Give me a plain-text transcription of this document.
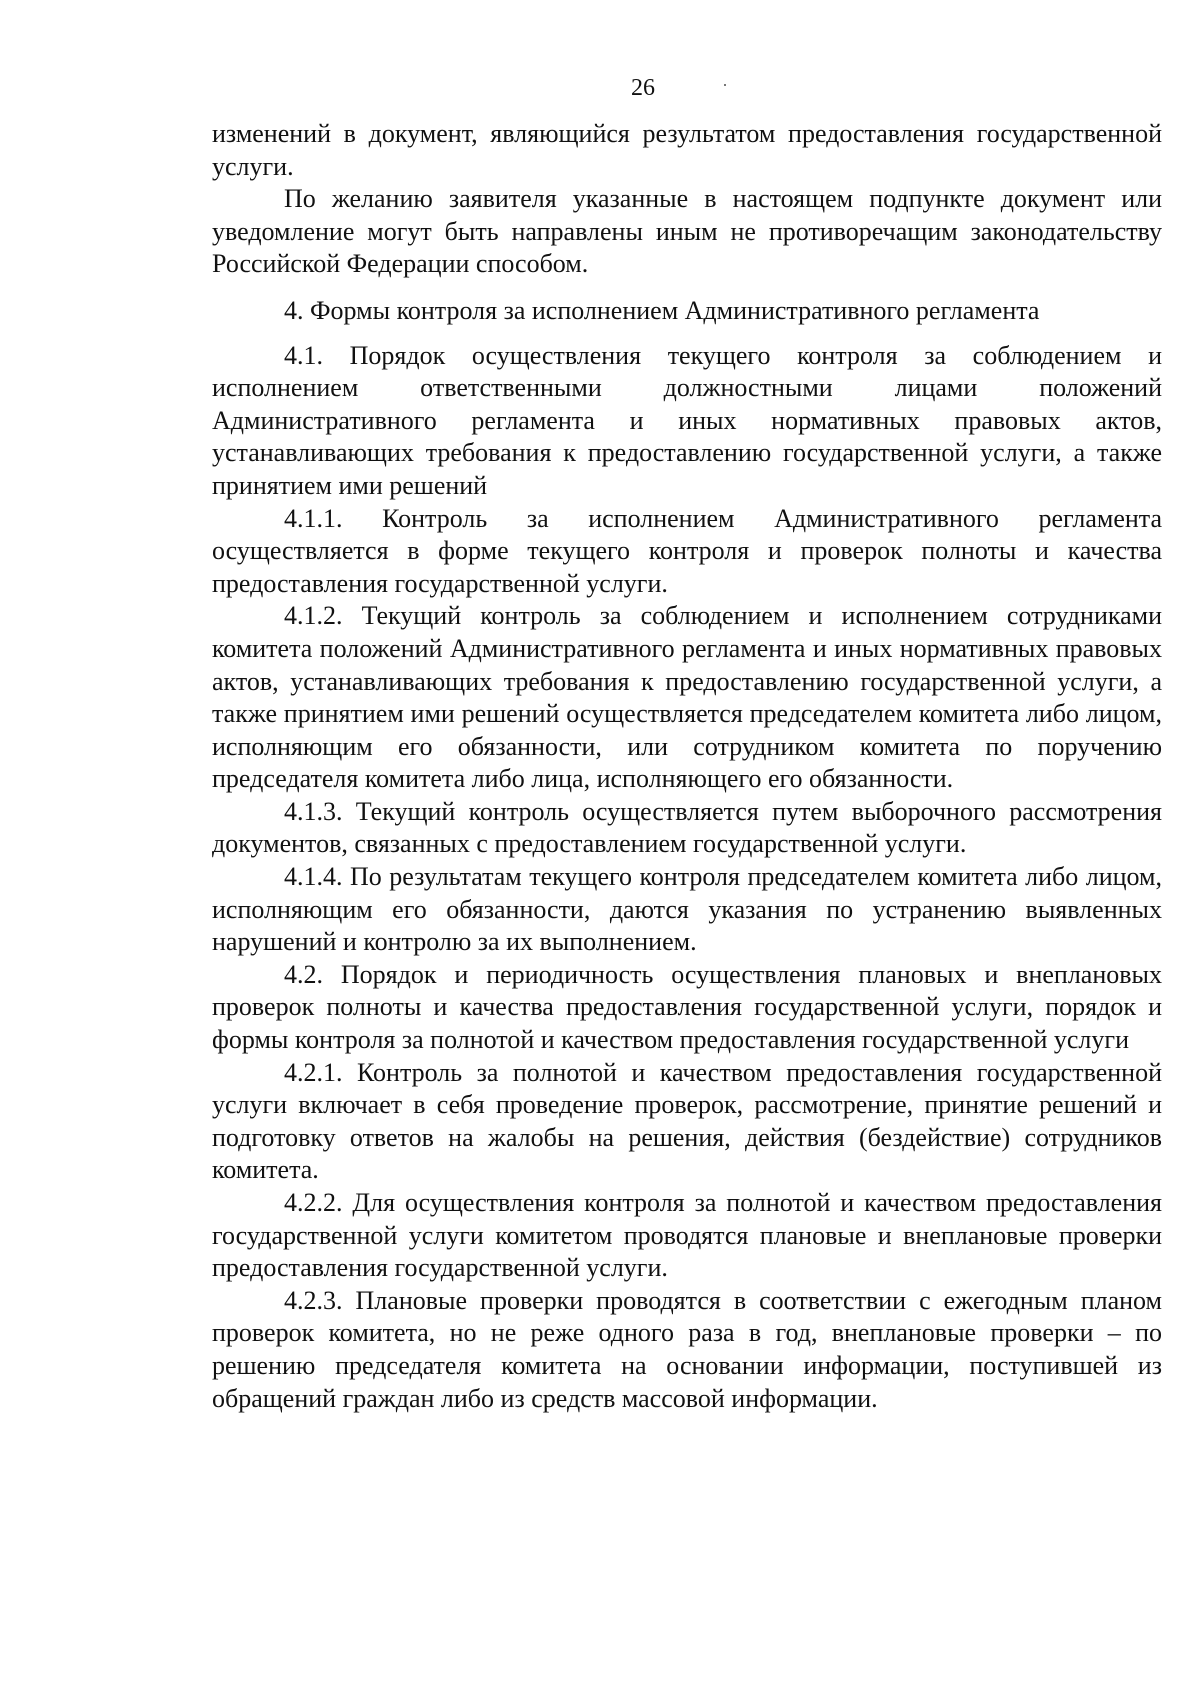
26

изменений в документ, являющийся результатом предоставления государственной услуги.

По желанию заявителя указанные в настоящем подпункте документ или уведомление могут быть направлены иным не противоречащим законодательству Российской Федерации способом.

4. Формы контроля за исполнением Административного регламента

4.1. Порядок осуществления текущего контроля за соблюдением и исполнением ответственными должностными лицами положений Административного регламента и иных нормативных правовых актов, устанавливающих требования к предоставлению государственной услуги, а также принятием ими решений

4.1.1. Контроль за исполнением Административного регламента осуществляется в форме текущего контроля и проверок полноты и качества предоставления государственной услуги.

4.1.2. Текущий контроль за соблюдением и исполнением сотрудниками комитета положений Административного регламента и иных нормативных правовых актов, устанавливающих требования к предоставлению государственной услуги, а также принятием ими решений осуществляется председателем комитета либо лицом, исполняющим его обязанности, или сотрудником комитета по поручению председателя комитета либо лица, исполняющего его обязанности.

4.1.3. Текущий контроль осуществляется путем выборочного рассмотрения документов, связанных с предоставлением государственной услуги.

4.1.4. По результатам текущего контроля председателем комитета либо лицом, исполняющим его обязанности, даются указания по устранению выявленных нарушений и контролю за их выполнением.

4.2. Порядок и периодичность осуществления плановых и внеплановых проверок полноты и качества предоставления государственной услуги, порядок и формы контроля за полнотой и качеством предоставления государственной услуги

4.2.1. Контроль за полнотой и качеством предоставления государственной услуги включает в себя проведение проверок, рассмотрение, принятие решений и подготовку ответов на жалобы на решения, действия (бездействие) сотрудников комитета.

4.2.2. Для осуществления контроля за полнотой и качеством предоставления государственной услуги комитетом проводятся плановые и внеплановые проверки предоставления государственной услуги.

4.2.3. Плановые проверки проводятся в соответствии с ежегодным планом проверок комитета, но не реже одного раза в год, внеплановые проверки – по решению председателя комитета на основании информации, поступившей из обращений граждан либо из средств массовой информации.
